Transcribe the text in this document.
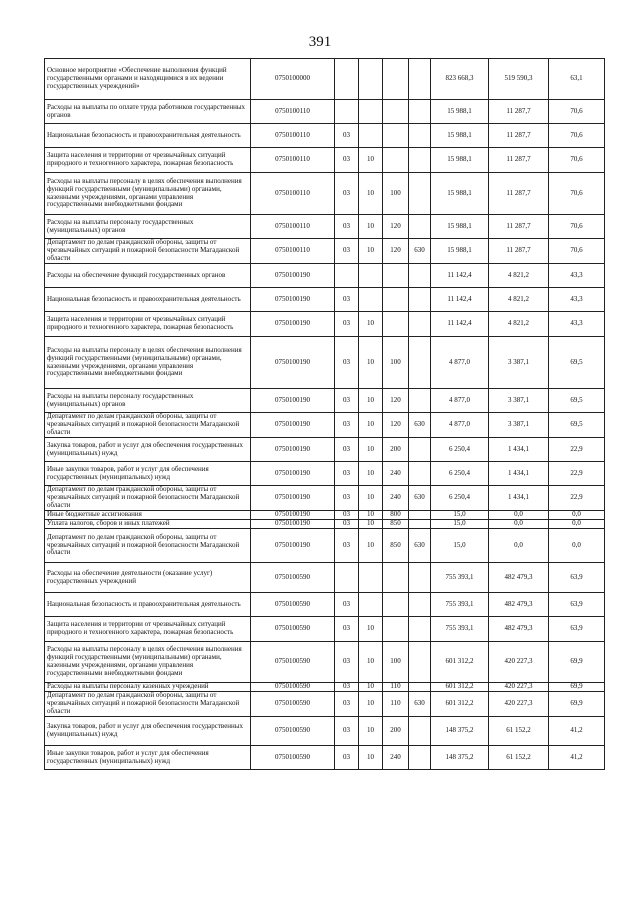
391
Основное мероприятие «Обеспечение выполнения функций государственными органами и находящимися в их ведении государственных учреждений»	0750100000					823 668,3	519 590,3	63,1
Расходы на выплаты по оплате труда работников государственных органов	0750100110					15 988,1	11 287,7	70,6
Национальная безопасность и правоохранительная деятельность	0750100110	03				15 988,1	11 287,7	70,6
Защита населения и территории от чрезвычайных ситуаций природного и техногенного характера, пожарная безопасность	0750100110	03	10			15 988,1	11 287,7	70,6
Расходы на выплаты персоналу в целях обеспечения выполнения функций государственными (муниципальными) органами, казенными учреждениями, органами управления государственными внебюджетными фондами	0750100110	03	10	100		15 988,1	11 287,7	70,6
Расходы на выплаты персоналу государственных (муниципальных) органов	0750100110	03	10	120		15 988,1	11 287,7	70,6
Департамент по делам гражданской обороны, защиты от чрезвычайных ситуаций и пожарной безопасности Магаданской области	0750100110	03	10	120	630	15 988,1	11 287,7	70,6
Расходы на обеспечение функций государственных органов	0750100190					11 142,4	4 821,2	43,3
Национальная безопасность и правоохранительная деятельность	0750100190	03				11 142,4	4 821,2	43,3
Защита населения и территории от чрезвычайных ситуаций природного и техногенного характера, пожарная безопасность	0750100190	03	10			11 142,4	4 821,2	43,3
Расходы на выплаты персоналу в целях обеспечения выполнения функций государственными (муниципальными) органами, казенными учреждениями, органами управления государственными внебюджетными фондами	0750100190	03	10	100		4 877,0	3 387,1	69,5
Расходы на выплаты персоналу государственных (муниципальных) органов	0750100190	03	10	120		4 877,0	3 387,1	69,5
Департамент по делам гражданской обороны, защиты от чрезвычайных ситуаций и пожарной безопасности Магаданской области	0750100190	03	10	120	630	4 877,0	3 387,1	69,5
Закупка товаров, работ и услуг для обеспечения государственных (муниципальных) нужд	0750100190	03	10	200		6 250,4	1 434,1	22,9
Иные закупки товаров, работ и услуг для обеспечения государственных (муниципальных) нужд	0750100190	03	10	240		6 250,4	1 434,1	22,9
Департамент по делам гражданской обороны, защиты от чрезвычайных ситуаций и пожарной безопасности Магаданской области	0750100190	03	10	240	630	6 250,4	1 434,1	22,9
Иные бюджетные ассигнования	0750100190	03	10	800		15,0	0,0	0,0
Уплата налогов, сборов и иных платежей	0750100190	03	10	850		15,0	0,0	0,0
Департамент по делам гражданской обороны, защиты от чрезвычайных ситуаций и пожарной безопасности Магаданской области	0750100190	03	10	850	630	15,0	0,0	0,0
Расходы на обеспечение деятельности (оказание услуг) государственных учреждений	0750100590					755 393,1	482 479,3	63,9
Национальная безопасность и правоохранительная деятельность	0750100590	03				755 393,1	482 479,3	63,9
Защита населения и территории от чрезвычайных ситуаций природного и техногенного характера, пожарная безопасность	0750100590	03	10			755 393,1	482 479,3	63,9
Расходы на выплаты персоналу в целях обеспечения выполнения функций государственными (муниципальными) органами, казенными учреждениями, органами управления государственными внебюджетными фондами	0750100590	03	10	100		601 312,2	420 227,3	69,9
Расходы на выплаты персоналу казенных учреждений	0750100590	03	10	110		601 312,2	420 227,3	69,9
Департамент по делам гражданской обороны, защиты от чрезвычайных ситуаций и пожарной безопасности Магаданской области	0750100590	03	10	110	630	601 312,2	420 227,3	69,9
Закупка товаров, работ и услуг для обеспечения государственных (муниципальных) нужд	0750100590	03	10	200		148 375,2	61 152,2	41,2
Иные закупки товаров, работ и услуг для обеспечения государственных (муниципальных) нужд	0750100590	03	10	240		148 375,2	61 152,2	41,2
